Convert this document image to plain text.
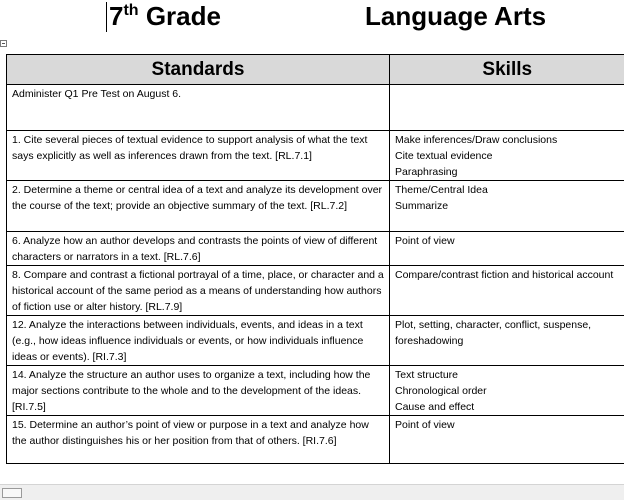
7th Grade	Language Arts
Standards	Skills
Administer Q1 Pre Test on August 6.	
1. Cite several pieces of textual evidence to support analysis of what the text says explicitly as well as inferences drawn from the text. [RL.7.1]	Make inferences/Draw conclusions
Cite textual evidence
Paraphrasing

2. Determine a theme or central idea of a text and analyze its development over the course of the text; provide an objective summary of the text. [RL.7.2]	Theme/Central Idea
Summarize

6. Analyze how an author develops and contrasts the points of view of different characters or narrators in a text. [RL.7.6]	Point of view

8. Compare and contrast a fictional portrayal of a time, place, or character and a historical account of the same period as a means of understanding how authors of fiction use or alter history. [RL.7.9]	Compare/contrast fiction and historical account

12. Analyze the interactions between individuals, events, and ideas in a text (e.g., how ideas influence individuals or events, or how individuals influence ideas or events). [RI.7.3]	Plot, setting, character, conflict, suspense, foreshadowing

14. Analyze the structure an author uses to organize a text, including how the major sections contribute to the whole and to the development of the ideas. [RI.7.5]	Text structure
Chronological order
Cause and effect

15. Determine an author’s point of view or purpose in a text and analyze how the author distinguishes his or her position from that of others. [RI.7.6]	Point of view
